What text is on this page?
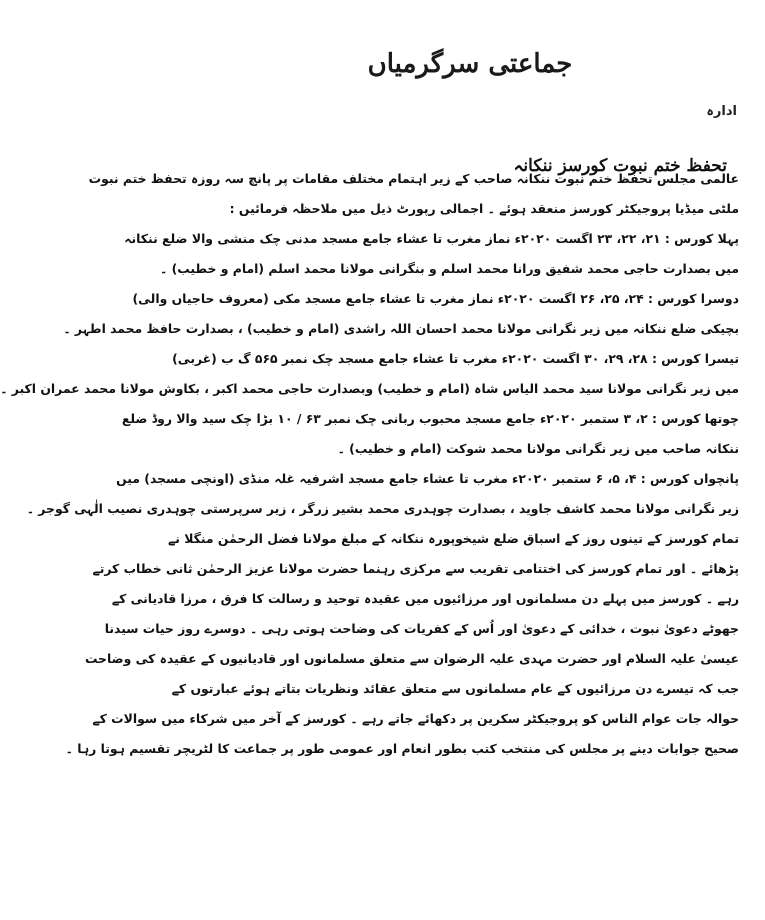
جماعتی سرگرمیاں
ادارہ
تحفظ ختم نبوت کورسز ننکانہ
عالمی مجلس تحفظ ختم نبوت ننکانہ صاحب کے زیر اہتمام مختلف مقامات پر پانچ سہ روزہ تحفظ ختم نبوت
ملٹی میڈیا پروجیکٹر کورسز منعقد ہوئے ۔ اجمالی رپورٹ ذیل میں ملاحظہ فرمائیں :
پہلا کورس : ۲۱، ۲۲، ۲۳ اگست ۲۰۲۰ء نماز مغرب تا عشاء جامع مسجد مدنی چک منشی والا ضلع ننکانہ
میں بصدارت حاجی محمد شفیق ورانا محمد اسلم و بنگرانی مولانا محمد اسلم (امام و خطیب) ۔
دوسرا کورس : ۲۴، ۲۵، ۲۶ اگست ۲۰۲۰ء نماز مغرب تا عشاء جامع مسجد مکی (معروف حاجیاں والی)
بچیکی ضلع ننکانہ میں زیر نگرانی مولانا محمد احسان اللہ راشدی (امام و خطیب) ، بصدارت حافظ محمد اطہر ۔
تیسرا کورس : ۲۸، ۲۹، ۳۰ اگست ۲۰۲۰ء مغرب تا عشاء جامع مسجد چک نمبر ۵۶۵ گ ب (غربی)
میں زیر نگرانی مولانا سید محمد الیاس شاہ (امام و خطیب) وبصدارت حاجی محمد اکبر ، بکاوش مولانا محمد عمران اکبر ۔
چوتھا کورس : ۲، ۳ ستمبر ۲۰۲۰ء جامع مسجد محبوب ربانی چک نمبر ۶۳ / ۱۰ بڑا چک سید والا روڈ ضلع
ننکانہ صاحب میں زیر نگرانی مولانا محمد شوکت (امام و خطیب) ۔
پانچواں کورس : ۴، ۵، ۶ ستمبر ۲۰۲۰ء مغرب تا عشاء جامع مسجد اشرفیہ غلہ منڈی (اونچی مسجد) میں
زیر نگرانی مولانا محمد کاشف جاوید ، بصدارت چوہدری محمد بشیر زرگر ، زیر سرپرستی چوہدری نصیب الٰہی گوجر ۔
تمام کورسز کے تینوں روز کے اسباق ضلع شیخوپورہ ننکانہ کے مبلغ مولانا فضل الرحمٰن منگلا نے
پڑھائے ۔ اور تمام کورسز کی اختتامی تقریب سے مرکزی رہنما حضرت مولانا عزیز الرحمٰن ثانی خطاب کرتے
رہے ۔ کورسز میں پہلے دن مسلمانوں اور مرزائیوں میں عقیدہ توحید و رسالت کا فرق ، مرزا قادیانی کے
جھوٹے دعویٰ نبوت ، خدائی کے دعویٰ اور اُس کے کفریات کی وضاحت ہوتی رہی ۔ دوسرے روز حیات سیدنا
عیسیٰ علیہ السلام اور حضرت مہدی علیہ الرضوان سے متعلق مسلمانوں اور قادیانیوں کے عقیدہ کی وضاحت
جب کہ تیسرے دن مرزائیوں کے عام مسلمانوں سے متعلق عقائد ونظریات بتاتے ہوئے عبارتوں کے
حوالہ جات عوام الناس کو پروجیکٹر سکرین پر دکھائے جاتے رہے ۔ کورسز کے آخر میں شرکاء میں سوالات کے
صحیح جوابات دینے پر مجلس کی منتخب کتب بطور انعام اور عمومی طور پر جماعت کا لٹریچر تقسیم ہوتا رہا ۔
